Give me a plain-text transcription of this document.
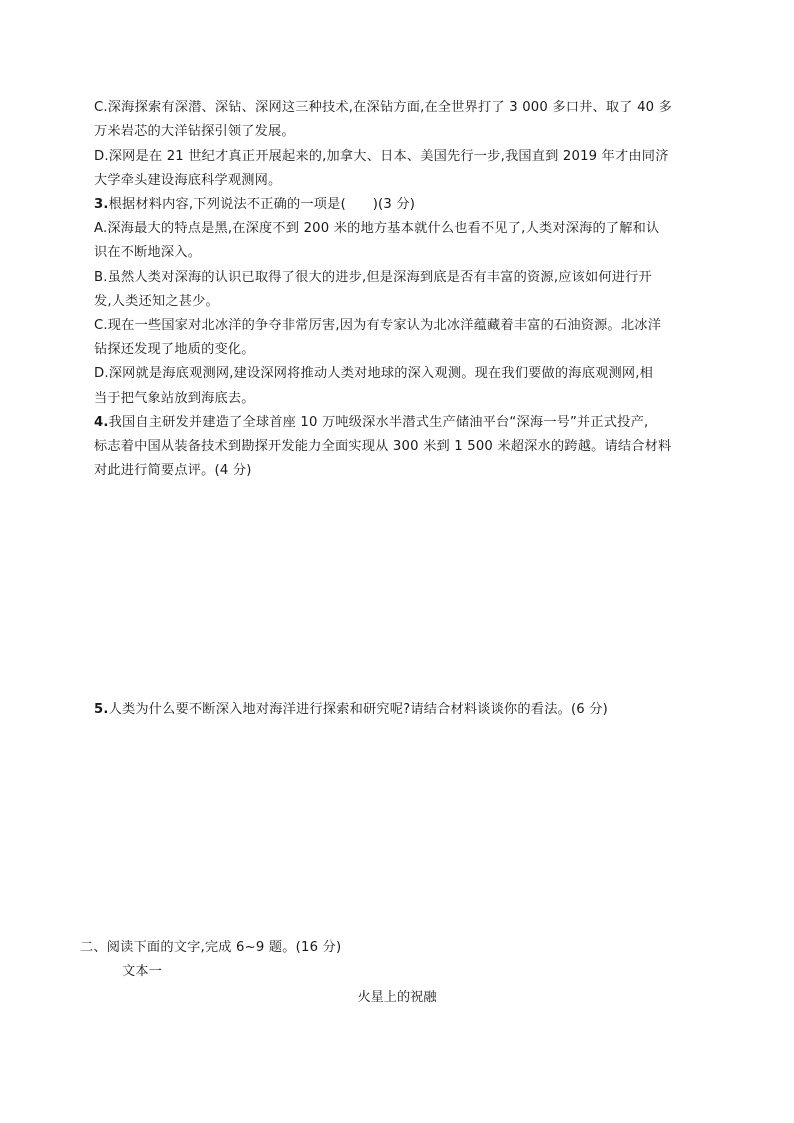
C.深海探索有深潜、深钻、深网这三种技术,在深钻方面,在全世界打了 3 000 多口井、取了 40 多
万米岩芯的大洋钻探引领了发展。
D.深网是在 21 世纪才真正开展起来的,加拿大、日本、美国先行一步,我国直到 2019 年才由同济
大学牵头建设海底科学观测网。
3.根据材料内容,下列说法不正确的一项是(　　)(3 分)
A.深海最大的特点是黑,在深度不到 200 米的地方基本就什么也看不见了,人类对深海的了解和认
识在不断地深入。
B.虽然人类对深海的认识已取得了很大的进步,但是深海到底是否有丰富的资源,应该如何进行开
发,人类还知之甚少。
C.现在一些国家对北冰洋的争夺非常厉害,因为有专家认为北冰洋蕴藏着丰富的石油资源。北冰洋
钻探还发现了地质的变化。
D.深网就是海底观测网,建设深网将推动人类对地球的深入观测。现在我们要做的海底观测网,相
当于把气象站放到海底去。
4.我国自主研发并建造了全球首座 10 万吨级深水半潜式生产储油平台“深海一号”并正式投产,
标志着中国从装备技术到勘探开发能力全面实现从 300 米到 1 500 米超深水的跨越。请结合材料
对此进行简要点评。(4 分)
5.人类为什么要不断深入地对海洋进行探索和研究呢?请结合材料谈谈你的看法。(6 分)
二、阅读下面的文字,完成 6~9 题。(16 分)
文本一
火星上的祝融
